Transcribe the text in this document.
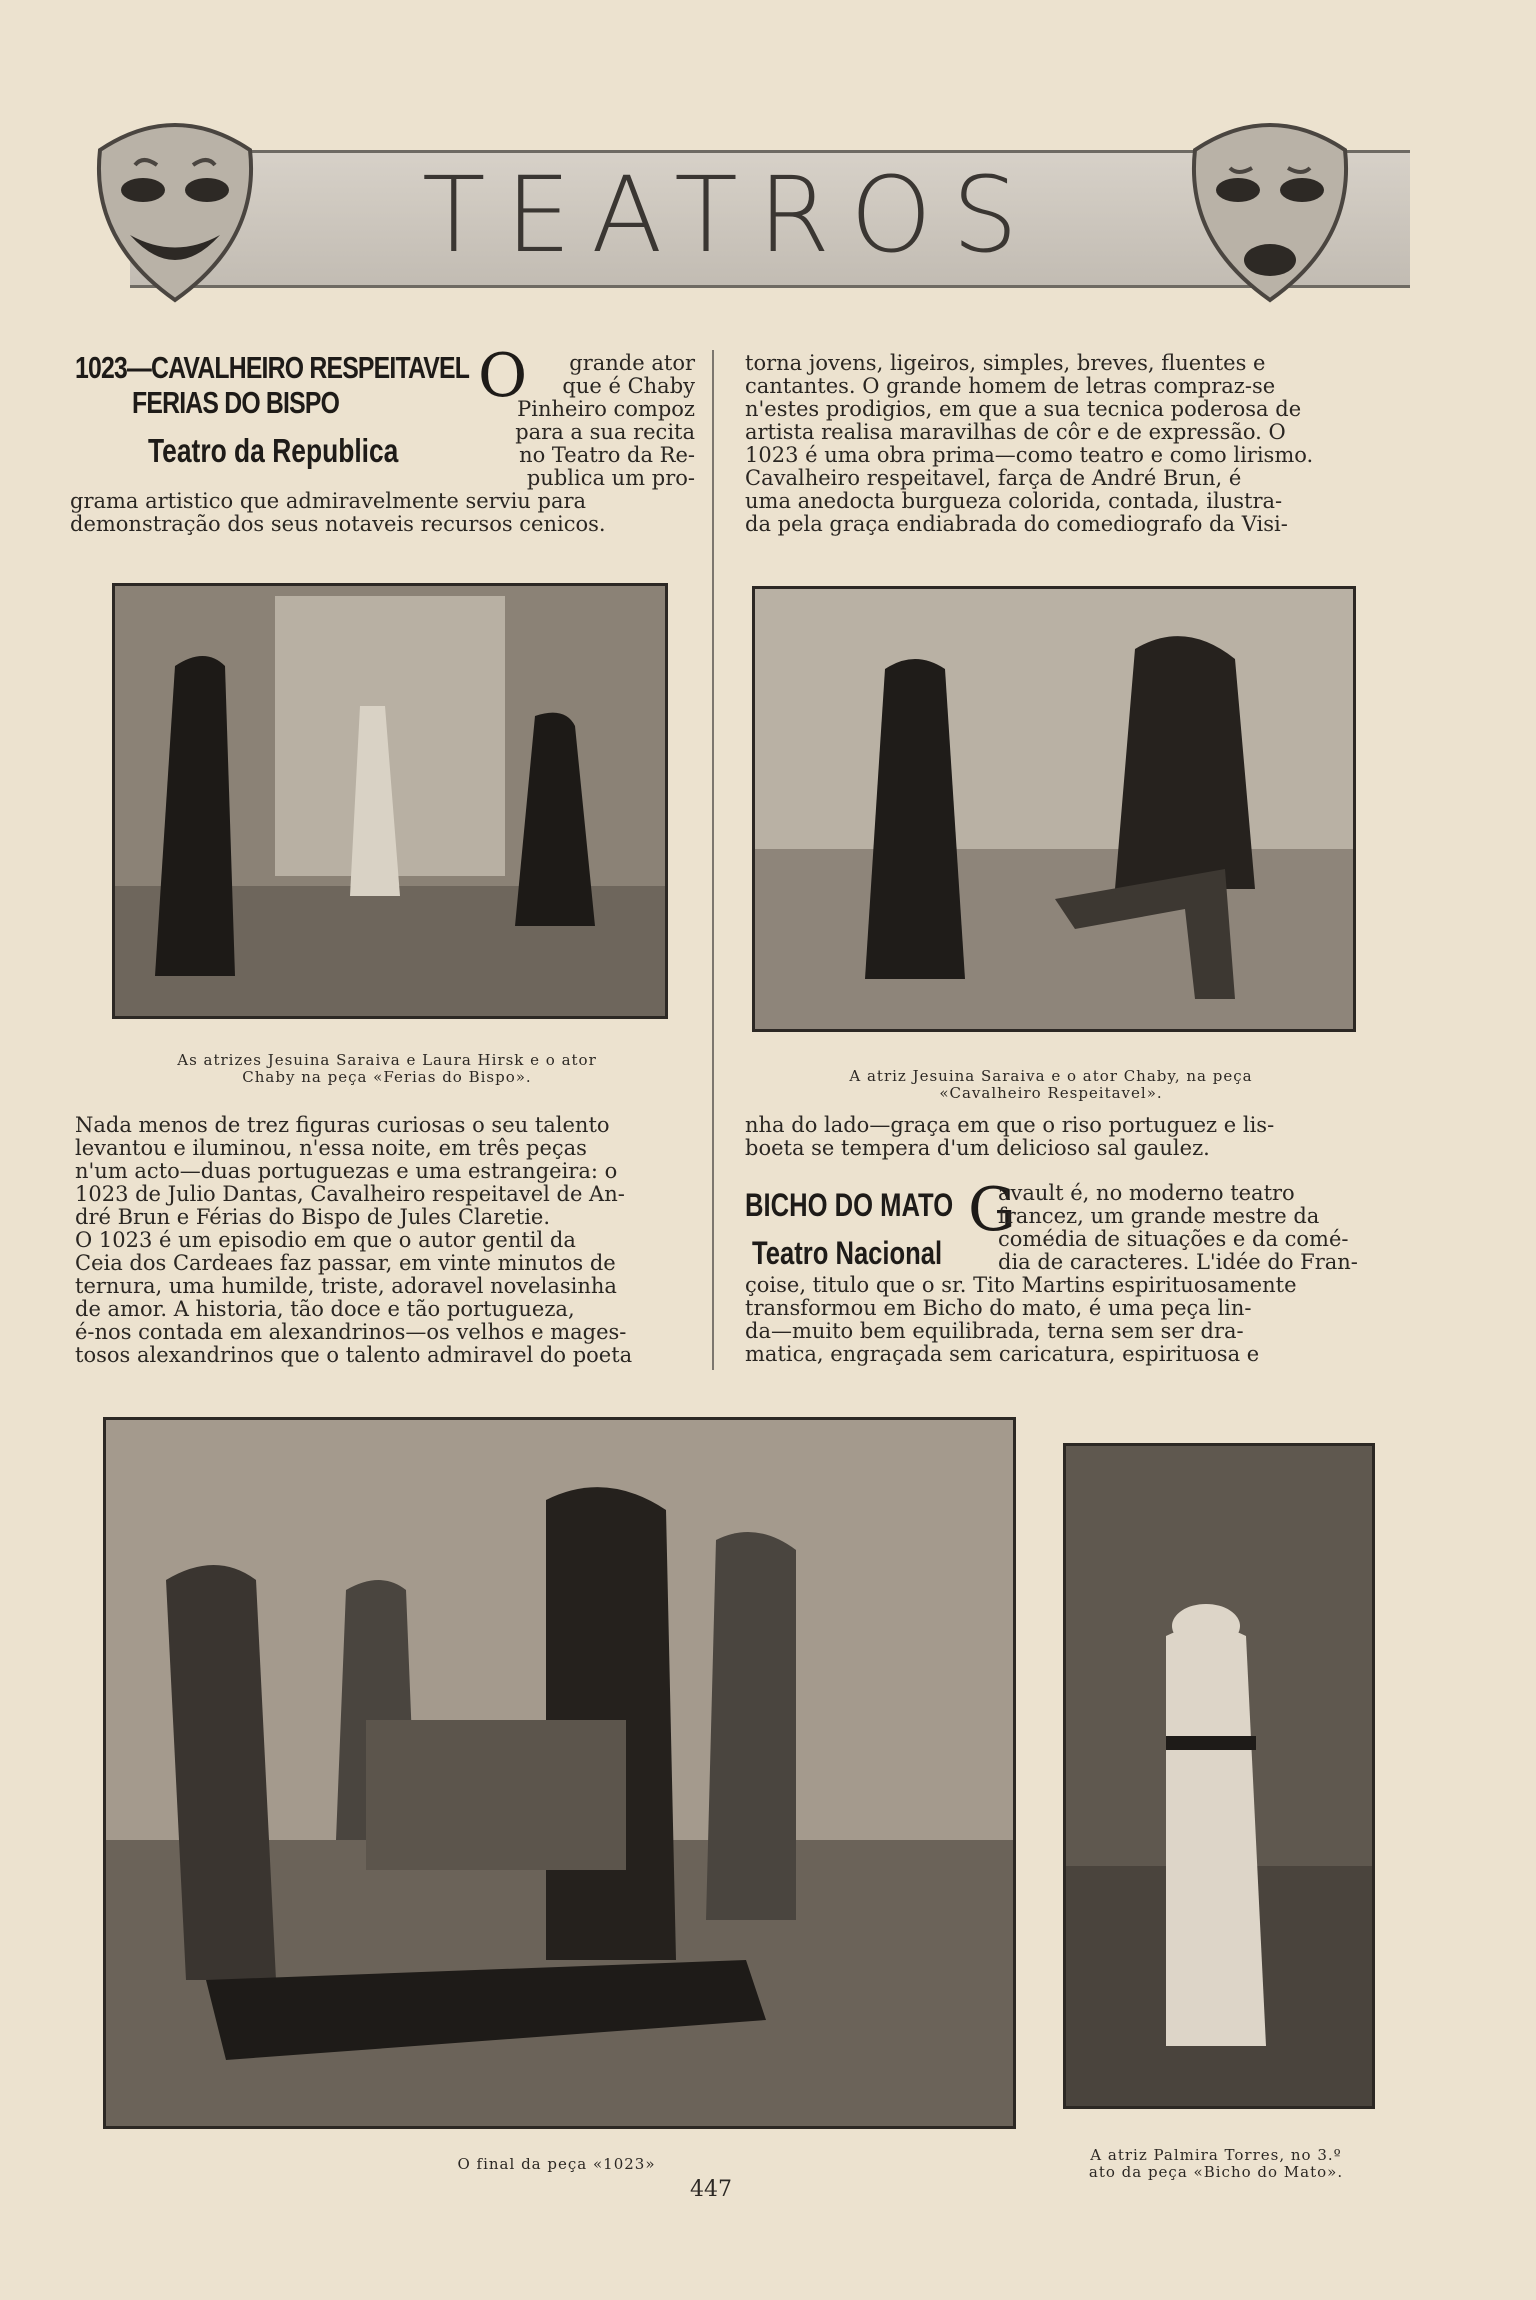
TEATROS
1023—CAVALHEIRO RESPEITAVEL
FERIAS DO BISPO
Teatro da Republica
O	grande ator
que é Chaby
Pinheiro compoz
para a sua recita
no Teatro da Re-
publica um pro-
grama artistico que admiravelmente serviu para
demonstração dos seus notaveis recursos cenicos.
torna jovens, ligeiros, simples, breves, fluentes e
cantantes. O grande homem de letras compraz-se
n'estes prodigios, em que a sua tecnica poderosa de
artista realisa maravilhas de côr e de expressão. O
1023 é uma obra prima—como teatro e como lirismo.
Cavalheiro respeitavel, farça de André Brun, é
uma anedocta burgueza colorida, contada, ilustra-
da pela graça endiabrada do comediografo da Visi-
As atrizes Jesuina Saraiva e Laura Hirsk e o ator
Chaby na peça «Ferias do Bispo».	A atriz Jesuina Saraiva e o ator Chaby, na peça
«Cavalheiro Respeitavel».
Nada menos de trez figuras curiosas o seu talento
levantou e iluminou, n'essa noite, em três peças
n'um acto—duas portuguezas e uma estrangeira: o
1023 de Julio Dantas, Cavalheiro respeitavel de An-
dré Brun e Férias do Bispo de Jules Claretie.
O 1023 é um episodio em que o autor gentil da
Ceia dos Cardeaes faz passar, em vinte minutos de
ternura, uma humilde, triste, adoravel novelasinha
de amor. A historia, tão doce e tão portugueza,
é-nos contada em alexandrinos—os velhos e mages-
tosos alexandrinos que o talento admiravel do poeta
nha do lado—graça em que o riso portuguez e lis-
boeta se tempera d'um delicioso sal gaulez.
BICHO DO MATO
Teatro Nacional
G
avault é, no moderno teatro
francez, um grande mestre da
comédia de situações e da comé-
dia de caracteres. L'idée do Fran-
çoise, titulo que o sr. Tito Martins espirituosamente
transformou em Bicho do mato, é uma peça lin-
da—muito bem equilibrada, terna sem ser dra-
matica, engraçada sem caricatura, espirituosa e
O final da peça «1023»	A atriz Palmira Torres, no 3.º
ato da peça «Bicho do Mato».
447
